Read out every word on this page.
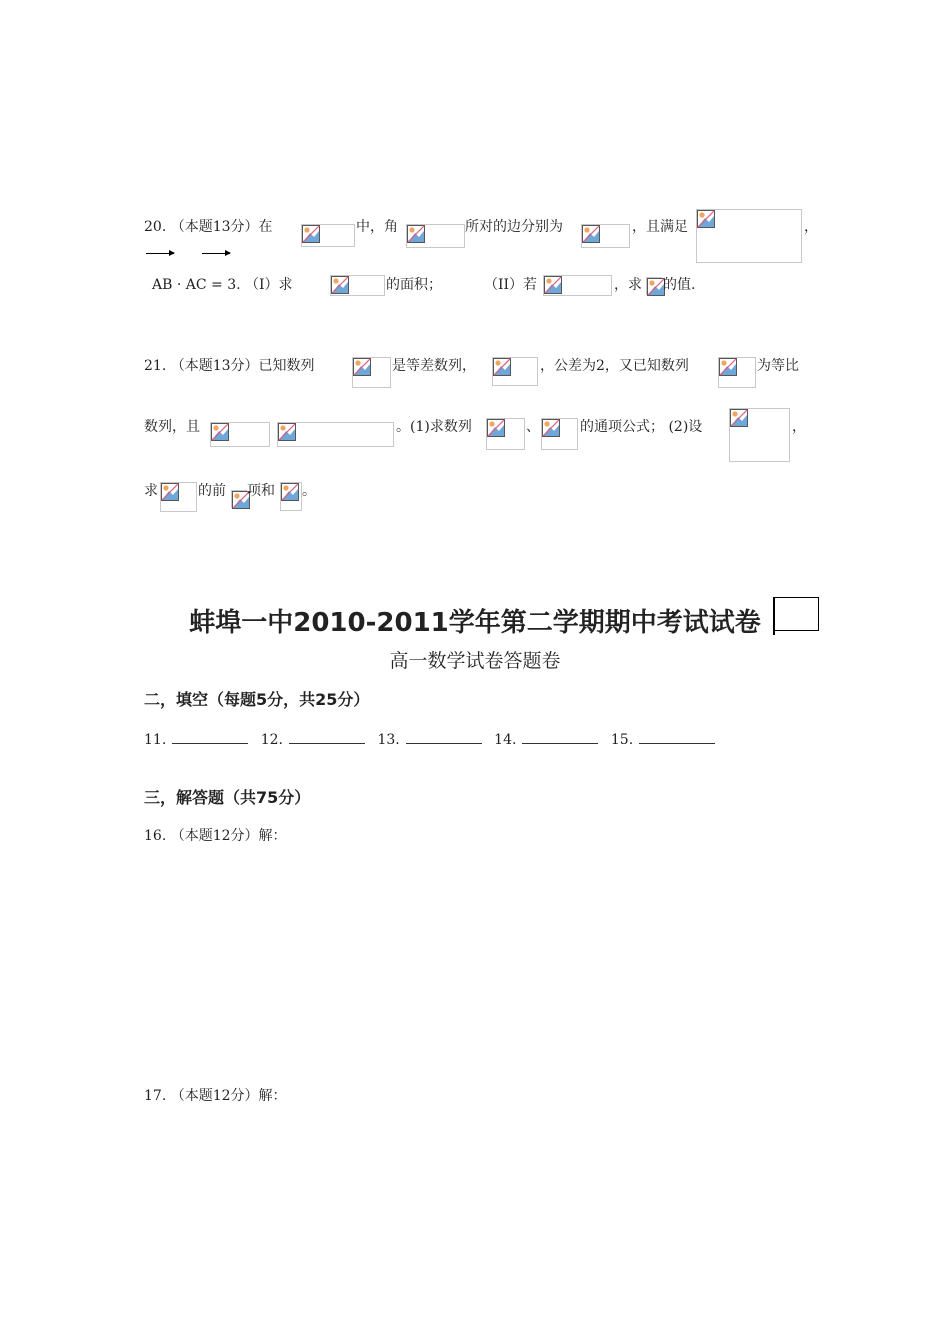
20. （本题13分）在	中，角	所对的边分别为	，且满足	，
AB · AC = 3. （I）求	的面积；	（II）若	，求 的值.
21. （本题13分）已知数列	是等差数列，	，公差为2，又已知数列	为等比
数列，且	。(1)求数列	、	的通项公式； (2)设	，
求	的前 项和 。
蚌埠一中2010-2011学年第二学期期中考试试卷
高一数学试卷答题卷
二，填空（每题5分，共25分）
11.	12.	13.	14.	15.
三，解答题（共75分）
16. （本题12分）解：
17. （本题12分）解：
